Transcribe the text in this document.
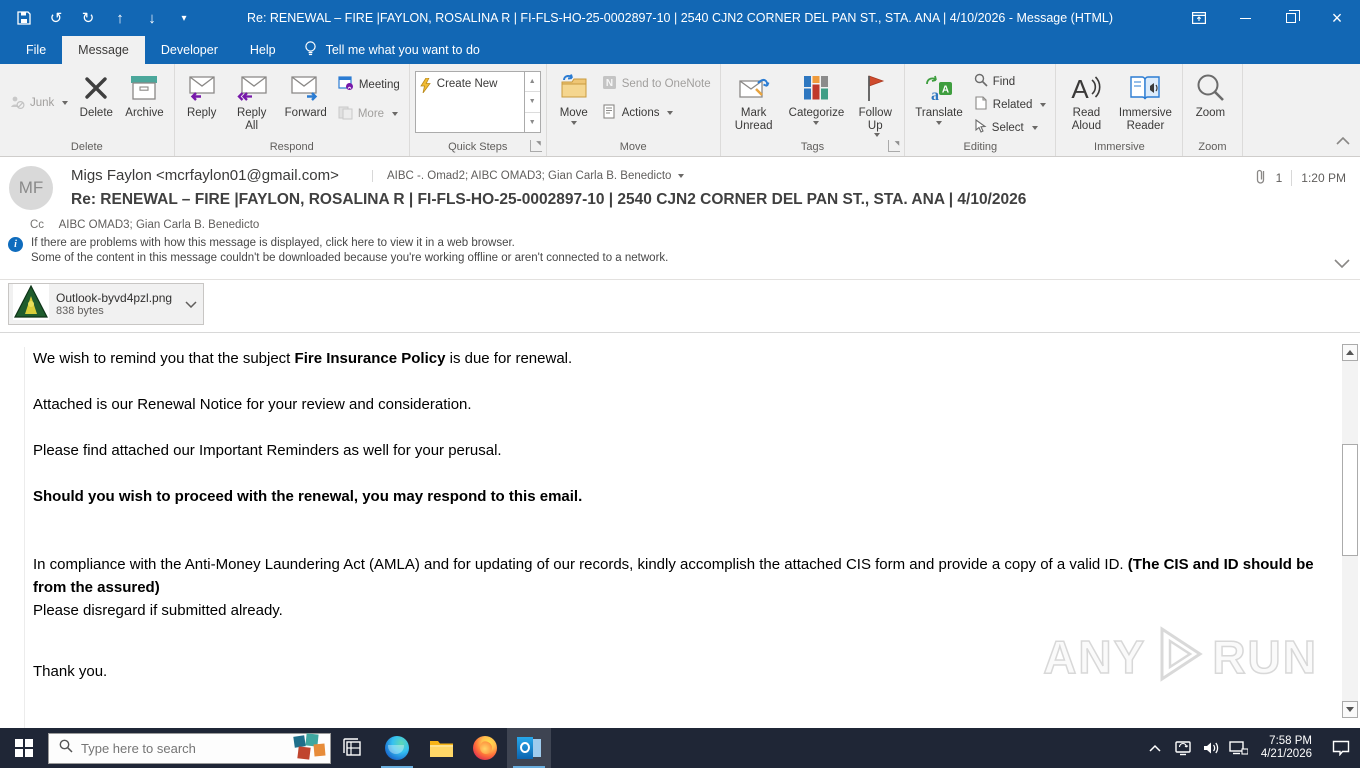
↺ ↻ ↑ ↓	▾	Re: RENEWAL – FIRE |FAYLON, ROSALINA R | FI-FLS-HO-25-0002897-10 | 2540 CJN2 CORNER DEL PAN ST., STA. ANA | 4/10/2026 - Message (HTML)	×
File	Message	Developer	Help	Tell me what you want to do
Junk
Delete Archive
Delete
Reply	Reply All
Forward
Meeting
More
Respond
Create New	▲
▼
▼
Quick Steps
◥
Move
N Send to OneNote
Actions
Move
Mark Unread
Categorize Follow Up
Tags
◥
a A
Translate
Find
Related
Select
Editing
A
Read Aloud
Immersive Reader
Immersive
Zoom
Zoom
MF
Migs Faylon <mcrfaylon01@gmail.com>	AIBC -. Omad2; AIBC OMAD3; Gian Carla B. Benedicto	1 1:20 PM
Re: RENEWAL – FIRE |FAYLON, ROSALINA R | FI-FLS-HO-25-0002897-10 | 2540 CJN2 CORNER DEL PAN ST., STA. ANA | 4/10/2026
Cc AIBC OMAD3; Gian Carla B. Benedicto
i	If there are problems with how this message is displayed, click here to view it in a web browser.
Some of the content in this message couldn't be downloaded because you're working offline or aren't connected to a network.
Outlook-byvd4pzl.png
838 bytes

We wish to remind you that the subject Fire Insurance Policy is due for renewal.

Attached is our Renewal Notice for your review and consideration.

Please find attached our Important Reminders as well for your perusal.

Should you wish to proceed with the renewal, you may respond to this email.

In compliance with the Anti-Money Laundering Act (AMLA) and for updating of our records, kindly accomplish the attached CIS form and provide a copy of a valid ID. (The CIS and ID should be from the assured)

Please disregard if submitted already.

Thank you.	ANY RUN
Type here to search
7:58 PM
4/21/2026
